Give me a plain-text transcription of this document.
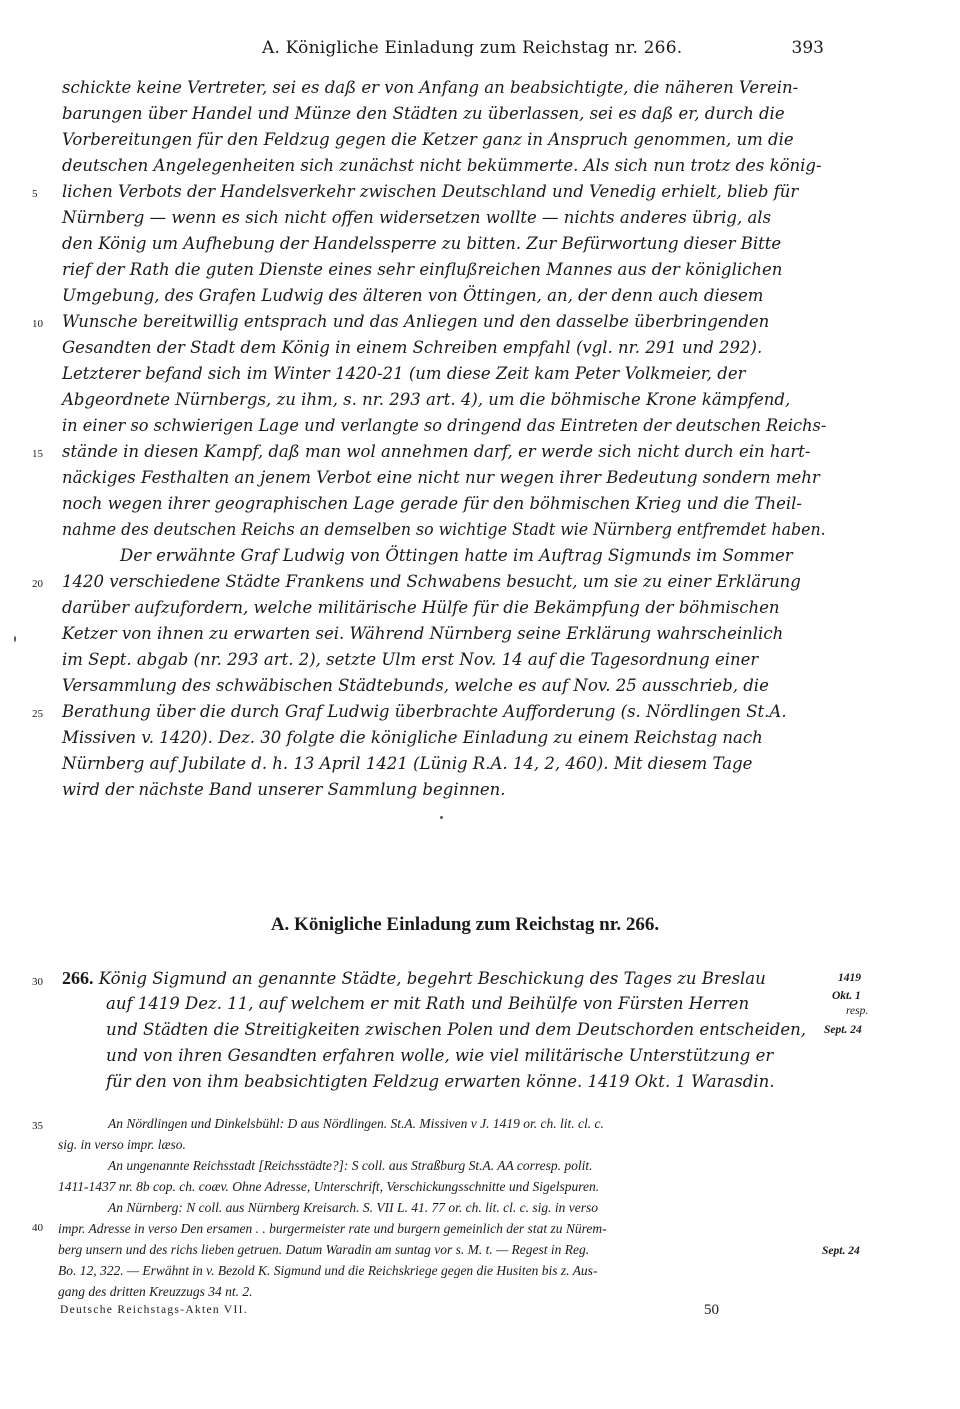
A. Königliche Einladung zum Reichstag nr. 266.	393
schickte keine Vertreter, sei es daß er von Anfang an beabsichtigte, die näheren Verein-
barungen über Handel und Münze den Städten zu überlassen, sei es daß er, durch die
Vorbereitungen für den Feldzug gegen die Ketzer ganz in Anspruch genommen, um die
deutschen Angelegenheiten sich zunächst nicht bekümmerte. Als sich nun trotz des könig-
lichen Verbots der Handelsverkehr zwischen Deutschland und Venedig erhielt, blieb für
Nürnberg — wenn es sich nicht offen widersetzen wollte — nichts anderes übrig, als
den König um Aufhebung der Handelssperre zu bitten. Zur Befürwortung dieser Bitte
rief der Rath die guten Dienste eines sehr einflußreichen Mannes aus der königlichen
Umgebung, des Grafen Ludwig des älteren von Öttingen, an, der denn auch diesem
Wunsche bereitwillig entsprach und das Anliegen und den dasselbe überbringenden
Gesandten der Stadt dem König in einem Schreiben empfahl (vgl. nr. 291 und 292).
Letzterer befand sich im Winter 1420-21 (um diese Zeit kam Peter Volkmeier, der
Abgeordnete Nürnbergs, zu ihm, s. nr. 293 art. 4), um die böhmische Krone kämpfend,
in einer so schwierigen Lage und verlangte so dringend das Eintreten der deutschen Reichs-
stände in diesen Kampf, daß man wol annehmen darf, er werde sich nicht durch ein hart-
näckiges Festhalten an jenem Verbot eine nicht nur wegen ihrer Bedeutung sondern mehr
noch wegen ihrer geographischen Lage gerade für den böhmischen Krieg und die Theil-
nahme des deutschen Reichs an demselben so wichtige Stadt wie Nürnberg entfremdet haben.
Der erwähnte Graf Ludwig von Öttingen hatte im Auftrag Sigmunds im Sommer
1420 verschiedene Städte Frankens und Schwabens besucht, um sie zu einer Erklärung
darüber aufzufordern, welche militärische Hülfe für die Bekämpfung der böhmischen
Ketzer von ihnen zu erwarten sei. Während Nürnberg seine Erklärung wahrscheinlich
im Sept. abgab (nr. 293 art. 2), setzte Ulm erst Nov. 14 auf die Tagesordnung einer
Versammlung des schwäbischen Städtebunds, welche es auf Nov. 25 ausschrieb, die
Berathung über die durch Graf Ludwig überbrachte Aufforderung (s. Nördlingen St.A.
Missiven v. 1420). Dez. 30 folgte die königliche Einladung zu einem Reichstag nach
Nürnberg auf Jubilate d. h. 13 April 1421 (Lünig R.A. 14, 2, 460). Mit diesem Tage
wird der nächste Band unserer Sammlung beginnen.
5
10
15
20
25
A. Königliche Einladung zum Reichstag nr. 266.
30 266. König Sigmund an genannte Städte, begehrt Beschickung des Tages zu Breslau
auf 1419 Dez. 11, auf welchem er mit Rath und Beihülfe von Fürsten Herren
und Städten die Streitigkeiten zwischen Polen und dem Deutschorden entscheiden,
und von ihren Gesandten erfahren wolle, wie viel militärische Unterstützung er
für den von ihm beabsichtigten Feldzug erwarten könne. 1419 Okt. 1 Warasdin.
1419
Okt. 1
resp.
Sept. 24
35
40
An Nördlingen und Dinkelsbühl: D aus Nördlingen. St.A. Missiven v J. 1419 or. ch. lit. cl. c.
sig. in verso impr. læso.
An ungenannte Reichsstadt [Reichsstädte?]: S coll. aus Straßburg St.A. AA corresp. polit.
1411-1437 nr. 8b cop. ch. coæv. Ohne Adresse, Unterschrift, Verschickungsschnitte und Sigelspuren.
An Nürnberg: N coll. aus Nürnberg Kreisarch. S. VII L. 41. 77 or. ch. lit. cl. c. sig. in verso
impr. Adresse in verso Den ersamen . . burgermeister rate und burgern gemeinlich der stat zu Nürem-
berg unsern und des richs lieben getruen. Datum Waradin am suntag vor s. M. t. — Regest in Reg.
Bo. 12, 322. — Erwähnt in v. Bezold K. Sigmund und die Reichskriege gegen die Husiten bis z. Aus-
gang des dritten Kreuzzugs 34 nt. 2.
Sept. 24
Deutsche Reichstags-Akten VII.	50
